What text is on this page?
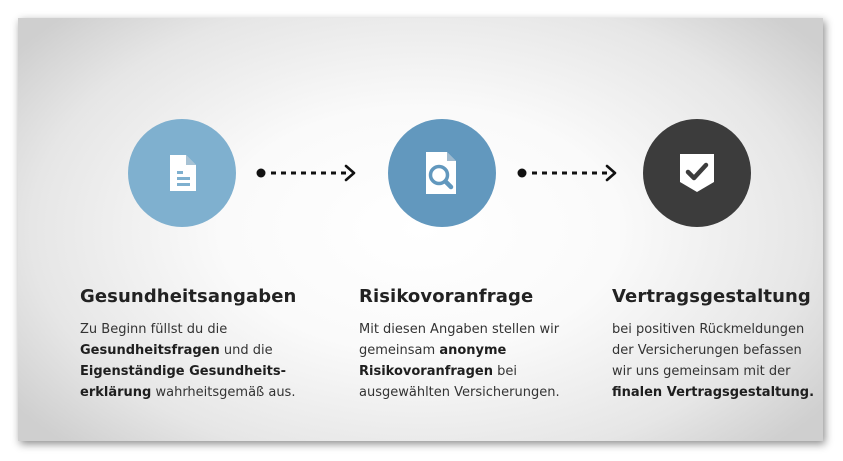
Gesundheitsangaben

Zu Beginn füllst du die
Gesundheitsfragen und die
Eigenständige Gesundheits-
erklärung wahrheitsgemäß aus.

Risikovoranfrage

Mit diesen Angaben stellen wir
gemeinsam anonyme
Risikovoranfragen bei
ausgewählten Versicherungen.

Vertragsgestaltung

bei positiven Rückmeldungen
der Versicherungen befassen
wir uns gemeinsam mit der
finalen Vertragsgestaltung.
